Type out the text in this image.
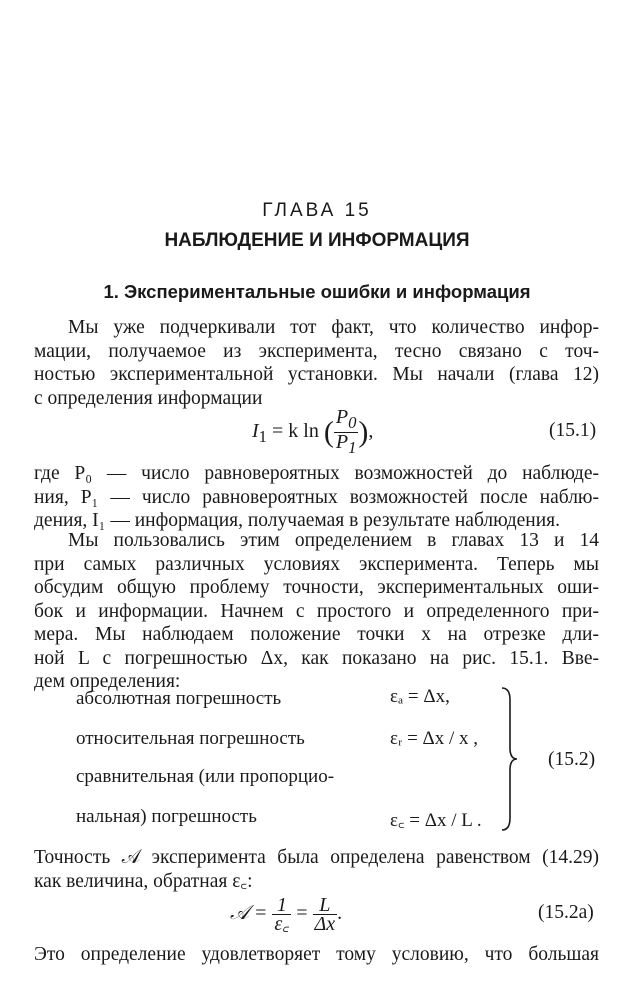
ГЛАВА 15
НАБЛЮДЕНИЕ И ИНФОРМАЦИЯ
1. Экспериментальные ошибки и информация
Мы уже подчеркивали тот факт, что количество инфор-
мации, получаемое из эксперимента, тесно связано с точ-
ностью экспериментальной установки. Мы начали (глава 12)
с определения информации
$I_1 = k$ ln ( $\frac{P_0}{P_1}$ ),	(15.1)
где P₀ — число равновероятных возможностей до наблюде-
ния, P₁ — число равновероятных возможностей после наблю-
дения, I₁ — информация, получаемая в результате наблюдения.
Мы пользовались этим определением в главах 13 и 14
при самых различных условиях эксперимента. Теперь мы
обсудим общую проблему точности, экспериментальных оши-
бок и информации. Начнем с простого и определенного при-
мера. Мы наблюдаем положение точки x на отрезке дли-
ной L с погрешностью Δx, как показано на рис. 15.1. Вве-
дем определения:
абсолютная погрешность	εₐ = Δx,
относительная погрешность	εᵣ = Δx / x ,
сравнительная (или пропорцио-
нальная) погрешность	ε꜀ = Δx / L .
(15.2)
Точность 𝒜 эксперимента была определена равенством (14.29)
как величина, обратная ε꜀:
𝒜 = $\frac{1}{\varepsilon꜀} = \frac{L}{\Delta x}$ .	(15.2a)
Это определение удовлетворяет тому условию, что большая
